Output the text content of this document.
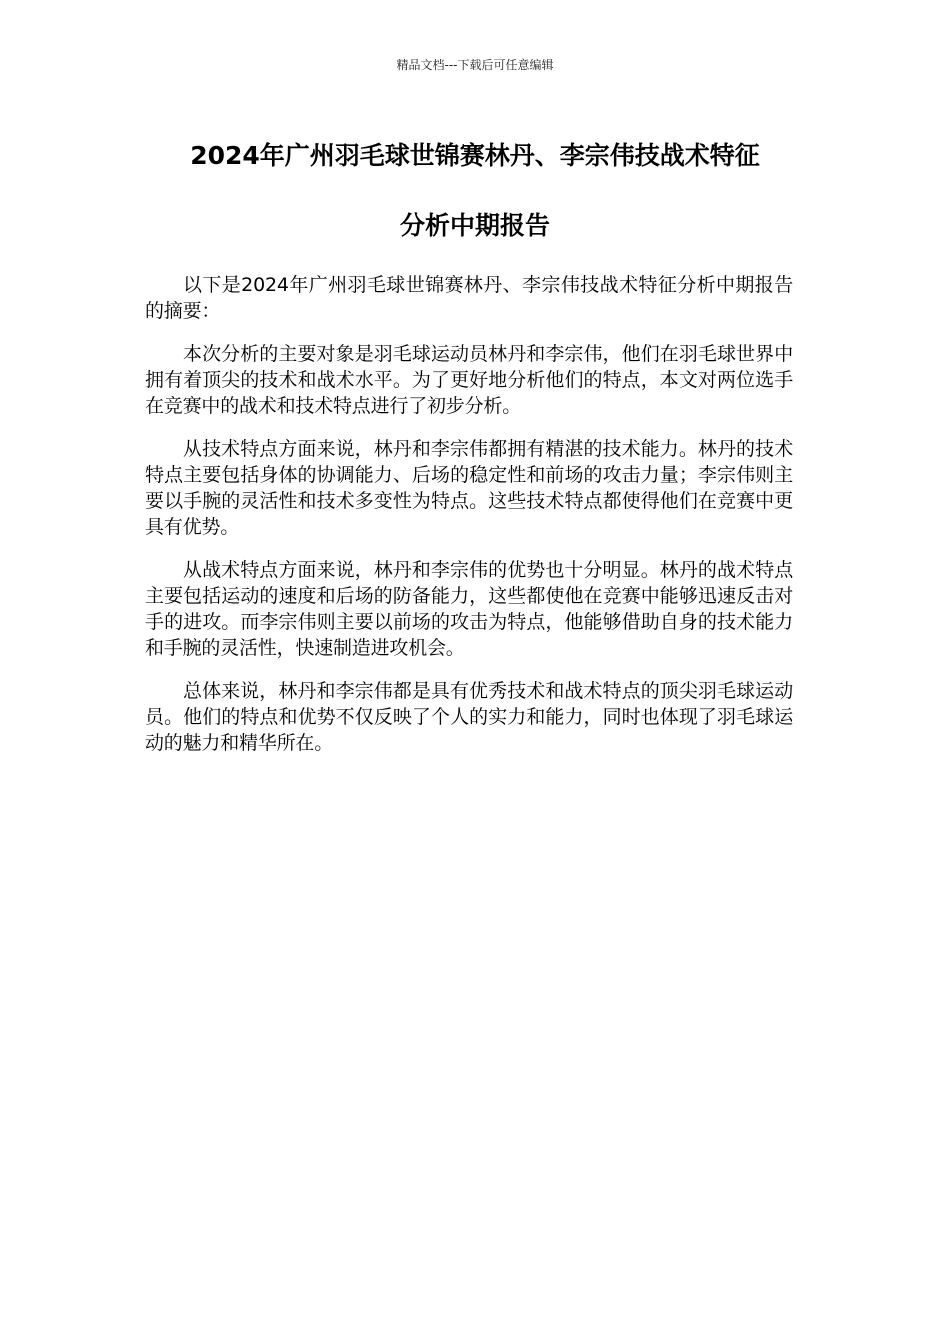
精品文档---下载后可任意编辑
2024年广州羽毛球世锦赛林丹、李宗伟技战术特征
分析中期报告

以下是2024年广州羽毛球世锦赛林丹、李宗伟技战术特征分析中期报告的摘要：

本次分析的主要对象是羽毛球运动员林丹和李宗伟，他们在羽毛球世界中拥有着顶尖的技术和战术水平。为了更好地分析他们的特点，本文对两位选手在竞赛中的战术和技术特点进行了初步分析。

从技术特点方面来说，林丹和李宗伟都拥有精湛的技术能力。林丹的技术特点主要包括身体的协调能力、后场的稳定性和前场的攻击力量；李宗伟则主要以手腕的灵活性和技术多变性为特点。这些技术特点都使得他们在竞赛中更具有优势。

从战术特点方面来说，林丹和李宗伟的优势也十分明显。林丹的战术特点主要包括运动的速度和后场的防备能力，这些都使他在竞赛中能够迅速反击对手的进攻。而李宗伟则主要以前场的攻击为特点，他能够借助自身的技术能力和手腕的灵活性，快速制造进攻机会。

总体来说，林丹和李宗伟都是具有优秀技术和战术特点的顶尖羽毛球运动员。他们的特点和优势不仅反映了个人的实力和能力，同时也体现了羽毛球运动的魅力和精华所在。
